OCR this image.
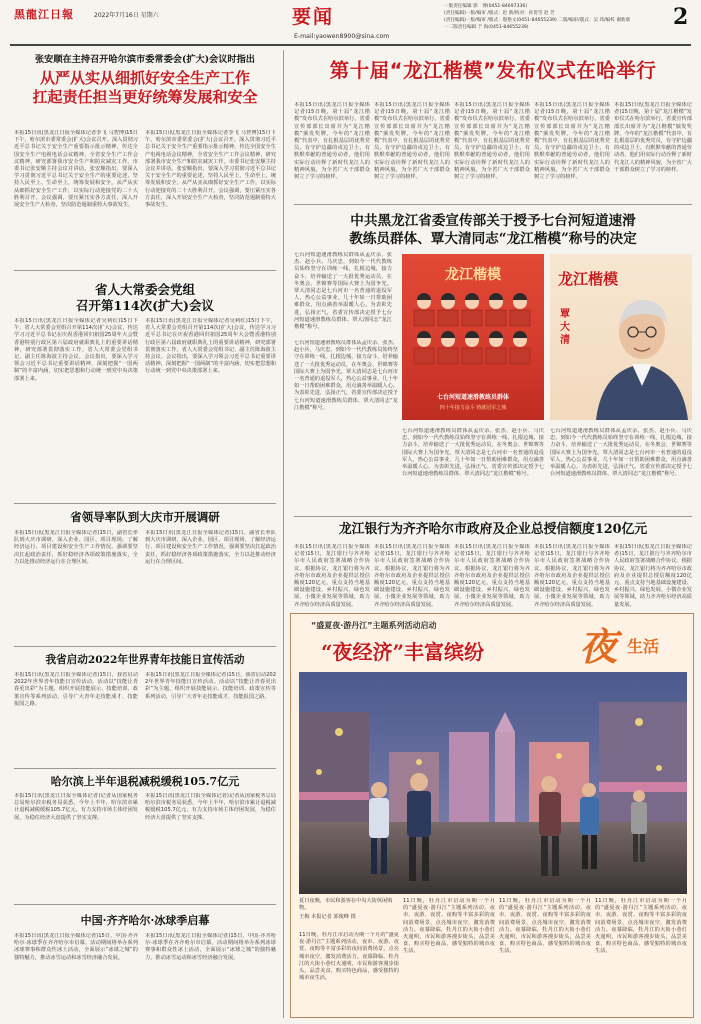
黑龍江日報	2022年7月16日 星期六	要闻
E-mail:yaowen8900@sina.com
一版责任编辑 郭　博(0451-84697336)
(责任编辑)一版/编审 /版式：赵 新/校对：孙贺雪 赵 芳
(责任编辑)一版/编审 /版式：殷艳文(0451-84655239) 二版/编审/版式：吴 玮/编校 谢新康
一二版责任编辑 于 海(0451-84655239)	2
张安顺在主持召开哈尔滨市委常委会(扩大)会议时指出
从严从实从细抓好安全生产工作
扛起责任担当更好统筹发展和安全
本报15日讯(黑龙江日报全媒体记者李飞 马智博)15日下午，哈尔滨市委常委会(扩大)会议召开。深入贯彻习近平总书记关于安全生产重要指示批示精神，传达全国安全生产电视电话会议精神，全省安全生产工作会议精神，研究部署我市安全生产和防灾减灾工作。市委书记张安顺主持会议并讲话。张安顺指出，要深入学习贯彻习近平总书记关于安全生产的重要论述，坚持人民至上、生命至上，统筹发展和安全，从严从实从细抓好安全生产工作，以实际行动迎接党的二十大胜利召开。会议强调，要压紧压实各方责任，深入开展安全生产大检查，坚决防范遏制重特大事故发生。
本报15日讯(黑龙江日报全媒体记者李飞 马智博)15日下午，哈尔滨市委常委会(扩大)会议召开。深入贯彻习近平总书记关于安全生产重要指示批示精神，传达全国安全生产电视电话会议精神，全省安全生产工作会议精神，研究部署我市安全生产和防灾减灾工作。市委书记张安顺主持会议并讲话。张安顺指出，要深入学习贯彻习近平总书记关于安全生产的重要论述，坚持人民至上、生命至上，统筹发展和安全，从严从实从细抓好安全生产工作，以实际行动迎接党的二十大胜利召开。会议强调，要压紧压实各方责任，深入开展安全生产大检查，坚决防范遏制重特大事故发生。
省人大常委会党组
召开第114次(扩大)会议
本报15日讯(黑龙江日报全媒体记者吴利红)15日下午，省人大常委会党组召开第114次(扩大)会议，传达学习习近平总书记在庆祝香港回归祖国25周年大会暨香港特别行政区第六届政府就职典礼上的重要讲话精神，研究部署贯彻落实工作。省人大常委会党组书记、副主任陈海波主持会议。会议指出，要深入学习领会习近平总书记重要讲话精神，深刻把握“一国两制”的丰富内涵，切实把思想和行动统一到党中央决策部署上来。
本报15日讯(黑龙江日报全媒体记者吴利红)15日下午，省人大常委会党组召开第114次(扩大)会议，传达学习习近平总书记在庆祝香港回归祖国25周年大会暨香港特别行政区第六届政府就职典礼上的重要讲话精神，研究部署贯彻落实工作。省人大常委会党组书记、副主任陈海波主持会议。会议指出，要深入学习领会习近平总书记重要讲话精神，深刻把握“一国两制”的丰富内涵，切实把思想和行动统一到党中央决策部署上来。
省领导率队到大庆市开展调研
本报15日讯(黑龙江日报全媒体记者)15日，副省长率队到大庆市调研，深入企业、园区、项目现场，了解经济运行、项目建设和安全生产工作情况。强调要坚决扛起政治责任，抓好稳经济各项政策措施落实，全力以赴推动经济运行在合理区间。
本报15日讯(黑龙江日报全媒体记者)15日，副省长率队到大庆市调研，深入企业、园区、项目现场，了解经济运行、项目建设和安全生产工作情况。强调要坚决扛起政治责任，抓好稳经济各项政策措施落实，全力以赴推动经济运行在合理区间。
我省启动2022年世界青年技能日宣传活动
本报15日讯(黑龙江日报全媒体记者)15日，我省启动2022年世界青年技能日宣传活动。活动以“技能让青春更出彩”为主题，组织开展技能展示、技能培训、政策宣传等系列活动，引导广大青年走技能成才、技能报国之路。
本报15日讯(黑龙江日报全媒体记者)15日，我省启动2022年世界青年技能日宣传活动。活动以“技能让青春更出彩”为主题，组织开展技能展示、技能培训、政策宣传等系列活动，引导广大青年走技能成才、技能报国之路。
哈尔滨上半年退税减税缓税105.7亿元
本报15日讯(黑龙江日报全媒体记者)记者从国家税务总局哈尔滨市税务局获悉，今年上半年，哈尔滨市累计退税减税缓税105.7亿元，有力支持市场主体纾困发展，为稳住经济大盘提供了坚实支撑。
本报15日讯(黑龙江日报全媒体记者)记者从国家税务总局哈尔滨市税务局获悉，今年上半年，哈尔滨市累计退税减税缓税105.7亿元，有力支持市场主体纾困发展，为稳住经济大盘提供了坚实支撑。
中国·齐齐哈尔·冰球季启幕
本报15日讯(黑龙江日报全媒体记者)15日，中国·齐齐哈尔·冰球季在齐齐哈尔市启幕。活动期间将举办系列冰球赛事和群众性冰上活动，全面展示“冰球之城”的独特魅力，推动冰雪运动和冰雪经济融合发展。
本报15日讯(黑龙江日报全媒体记者)15日，中国·齐齐哈尔·冰球季在齐齐哈尔市启幕。活动期间将举办系列冰球赛事和群众性冰上活动，全面展示“冰球之城”的独特魅力，推动冰雪运动和冰雪经济融合发展。
第十届“龙江楷模”发布仪式在哈举行
本报15日讯(黑龙江日报全媒体记者)15日晚，第十届“龙江楷模”发布仪式在哈尔滨举行。省委宣传部部长出席并为“龙江楷模”颁发奖牌。今年的“龙江楷模”代表中，有扎根基层的优秀党员，有守护边疆的戍边卫士，有默默奉献的普通劳动者，他们用实际行动诠释了新时代龙江人的精神风貌，为全省广大干部群众树立了学习的榜样。
本报15日讯(黑龙江日报全媒体记者)15日晚，第十届“龙江楷模”发布仪式在哈尔滨举行。省委宣传部部长出席并为“龙江楷模”颁发奖牌。今年的“龙江楷模”代表中，有扎根基层的优秀党员，有守护边疆的戍边卫士，有默默奉献的普通劳动者，他们用实际行动诠释了新时代龙江人的精神风貌，为全省广大干部群众树立了学习的榜样。
本报15日讯(黑龙江日报全媒体记者)15日晚，第十届“龙江楷模”发布仪式在哈尔滨举行。省委宣传部部长出席并为“龙江楷模”颁发奖牌。今年的“龙江楷模”代表中，有扎根基层的优秀党员，有守护边疆的戍边卫士，有默默奉献的普通劳动者，他们用实际行动诠释了新时代龙江人的精神风貌，为全省广大干部群众树立了学习的榜样。
本报15日讯(黑龙江日报全媒体记者)15日晚，第十届“龙江楷模”发布仪式在哈尔滨举行。省委宣传部部长出席并为“龙江楷模”颁发奖牌。今年的“龙江楷模”代表中，有扎根基层的优秀党员，有守护边疆的戍边卫士，有默默奉献的普通劳动者，他们用实际行动诠释了新时代龙江人的精神风貌，为全省广大干部群众树立了学习的榜样。
本报15日讯(黑龙江日报全媒体记者)15日晚，第十届“龙江楷模”发布仪式在哈尔滨举行。省委宣传部部长出席并为“龙江楷模”颁发奖牌。今年的“龙江楷模”代表中，有扎根基层的优秀党员，有守护边疆的戍边卫士，有默默奉献的普通劳动者，他们用实际行动诠释了新时代龙江人的精神风貌，为全省广大干部群众树立了学习的榜样。
中共黑龙江省委宣传部关于授予七台河短道速滑
教练员群体、覃大清同志“龙江楷模”称号的决定
七台河短道速滑教练员群体从孟庆余、张杰、赵小兵、马庆忠，到如今一代代教练员始终坚守在训练一线，扎根边城，接力奋斗，培养输送了一大批优秀运动员，在冬奥会、世锦赛等国际大赛上为国争光。覃大清同志是七台河市一名普通的退役军人，热心公益事业，几十年如一日帮助困难群众，用点滴善举温暖人心。为表彰先进，弘扬正气，省委宣传部决定授予七台河短道速滑教练员群体、覃大清同志“龙江楷模”称号。
七台河短道速滑教练员群体从孟庆余、张杰、赵小兵、马庆忠，到如今一代代教练员始终坚守在训练一线，扎根边城，接力奋斗，培养输送了一大批优秀运动员，在冬奥会、世锦赛等国际大赛上为国争光。覃大清同志是七台河市一名普通的退役军人，热心公益事业，几十年如一日帮助困难群众，用点滴善举温暖人心。为表彰先进，弘扬正气，省委宣传部决定授予七台河短道速滑教练员群体、覃大清同志“龙江楷模”称号。
龙江楷模
七台河短道速滑教练员群体
四十年接力奋斗 铸就冠军之城
龙江楷模
覃大清
七台河短道速滑教练员群体从孟庆余、张杰、赵小兵、马庆忠，到如今一代代教练员始终坚守在训练一线，扎根边城，接力奋斗，培养输送了一大批优秀运动员，在冬奥会、世锦赛等国际大赛上为国争光。覃大清同志是七台河市一名普通的退役军人，热心公益事业，几十年如一日帮助困难群众，用点滴善举温暖人心。为表彰先进，弘扬正气，省委宣传部决定授予七台河短道速滑教练员群体、覃大清同志“龙江楷模”称号。
七台河短道速滑教练员群体从孟庆余、张杰、赵小兵、马庆忠，到如今一代代教练员始终坚守在训练一线，扎根边城，接力奋斗，培养输送了一大批优秀运动员，在冬奥会、世锦赛等国际大赛上为国争光。覃大清同志是七台河市一名普通的退役军人，热心公益事业，几十年如一日帮助困难群众，用点滴善举温暖人心。为表彰先进，弘扬正气，省委宣传部决定授予七台河短道速滑教练员群体、覃大清同志“龙江楷模”称号。
龙江银行为齐齐哈尔市政府及企业总授信额度120亿元
本报15日讯(黑龙江日报全媒体记者)15日，龙江银行与齐齐哈尔市人民政府签署战略合作协议。根据协议，龙江银行将为齐齐哈尔市政府及企业提供总授信额度120亿元，重点支持当地基础设施建设、乡村振兴、绿色发展、小微企业发展等领域，助力齐齐哈尔经济高质量发展。
本报15日讯(黑龙江日报全媒体记者)15日，龙江银行与齐齐哈尔市人民政府签署战略合作协议。根据协议，龙江银行将为齐齐哈尔市政府及企业提供总授信额度120亿元，重点支持当地基础设施建设、乡村振兴、绿色发展、小微企业发展等领域，助力齐齐哈尔经济高质量发展。
本报15日讯(黑龙江日报全媒体记者)15日，龙江银行与齐齐哈尔市人民政府签署战略合作协议。根据协议，龙江银行将为齐齐哈尔市政府及企业提供总授信额度120亿元，重点支持当地基础设施建设、乡村振兴、绿色发展、小微企业发展等领域，助力齐齐哈尔经济高质量发展。
本报15日讯(黑龙江日报全媒体记者)15日，龙江银行与齐齐哈尔市人民政府签署战略合作协议。根据协议，龙江银行将为齐齐哈尔市政府及企业提供总授信额度120亿元，重点支持当地基础设施建设、乡村振兴、绿色发展、小微企业发展等领域，助力齐齐哈尔经济高质量发展。
本报15日讯(黑龙江日报全媒体记者)15日，龙江银行与齐齐哈尔市人民政府签署战略合作协议。根据协议，龙江银行将为齐齐哈尔市政府及企业提供总授信额度120亿元，重点支持当地基础设施建设、乡村振兴、绿色发展、小微企业发展等领域，助力齐齐哈尔经济高质量发展。
“盛夏夜·游丹江”主题系列活动启动
“夜经济”丰富缤纷 夜 生活
夏日夜晚，市民和游客在中央大街休闲购物。
王梅 本报记者 郭俊峰 摄
11日晚，牡丹江市启动为期一个月的“盛夏夜·游丹江”主题系列活动，夜市、夜游、夜赏、夜购等丰富多彩的夜间消费场景，点亮城市夜空，激发消费活力。夜幕降临，牡丹江的大街小巷灯火通明，市民和游客漫步街头，品尝美食，购买特色商品，感受独特的城市夜生活。
11日晚，牡丹江市启动为期一个月的“盛夏夜·游丹江”主题系列活动，夜市、夜游、夜赏、夜购等丰富多彩的夜间消费场景，点亮城市夜空，激发消费活力。夜幕降临，牡丹江的大街小巷灯火通明，市民和游客漫步街头，品尝美食，购买特色商品，感受独特的城市夜生活。
11日晚，牡丹江市启动为期一个月的“盛夏夜·游丹江”主题系列活动，夜市、夜游、夜赏、夜购等丰富多彩的夜间消费场景，点亮城市夜空，激发消费活力。夜幕降临，牡丹江的大街小巷灯火通明，市民和游客漫步街头，品尝美食，购买特色商品，感受独特的城市夜生活。
11日晚，牡丹江市启动为期一个月的“盛夏夜·游丹江”主题系列活动，夜市、夜游、夜赏、夜购等丰富多彩的夜间消费场景，点亮城市夜空，激发消费活力。夜幕降临，牡丹江的大街小巷灯火通明，市民和游客漫步街头，品尝美食，购买特色商品，感受独特的城市夜生活。
